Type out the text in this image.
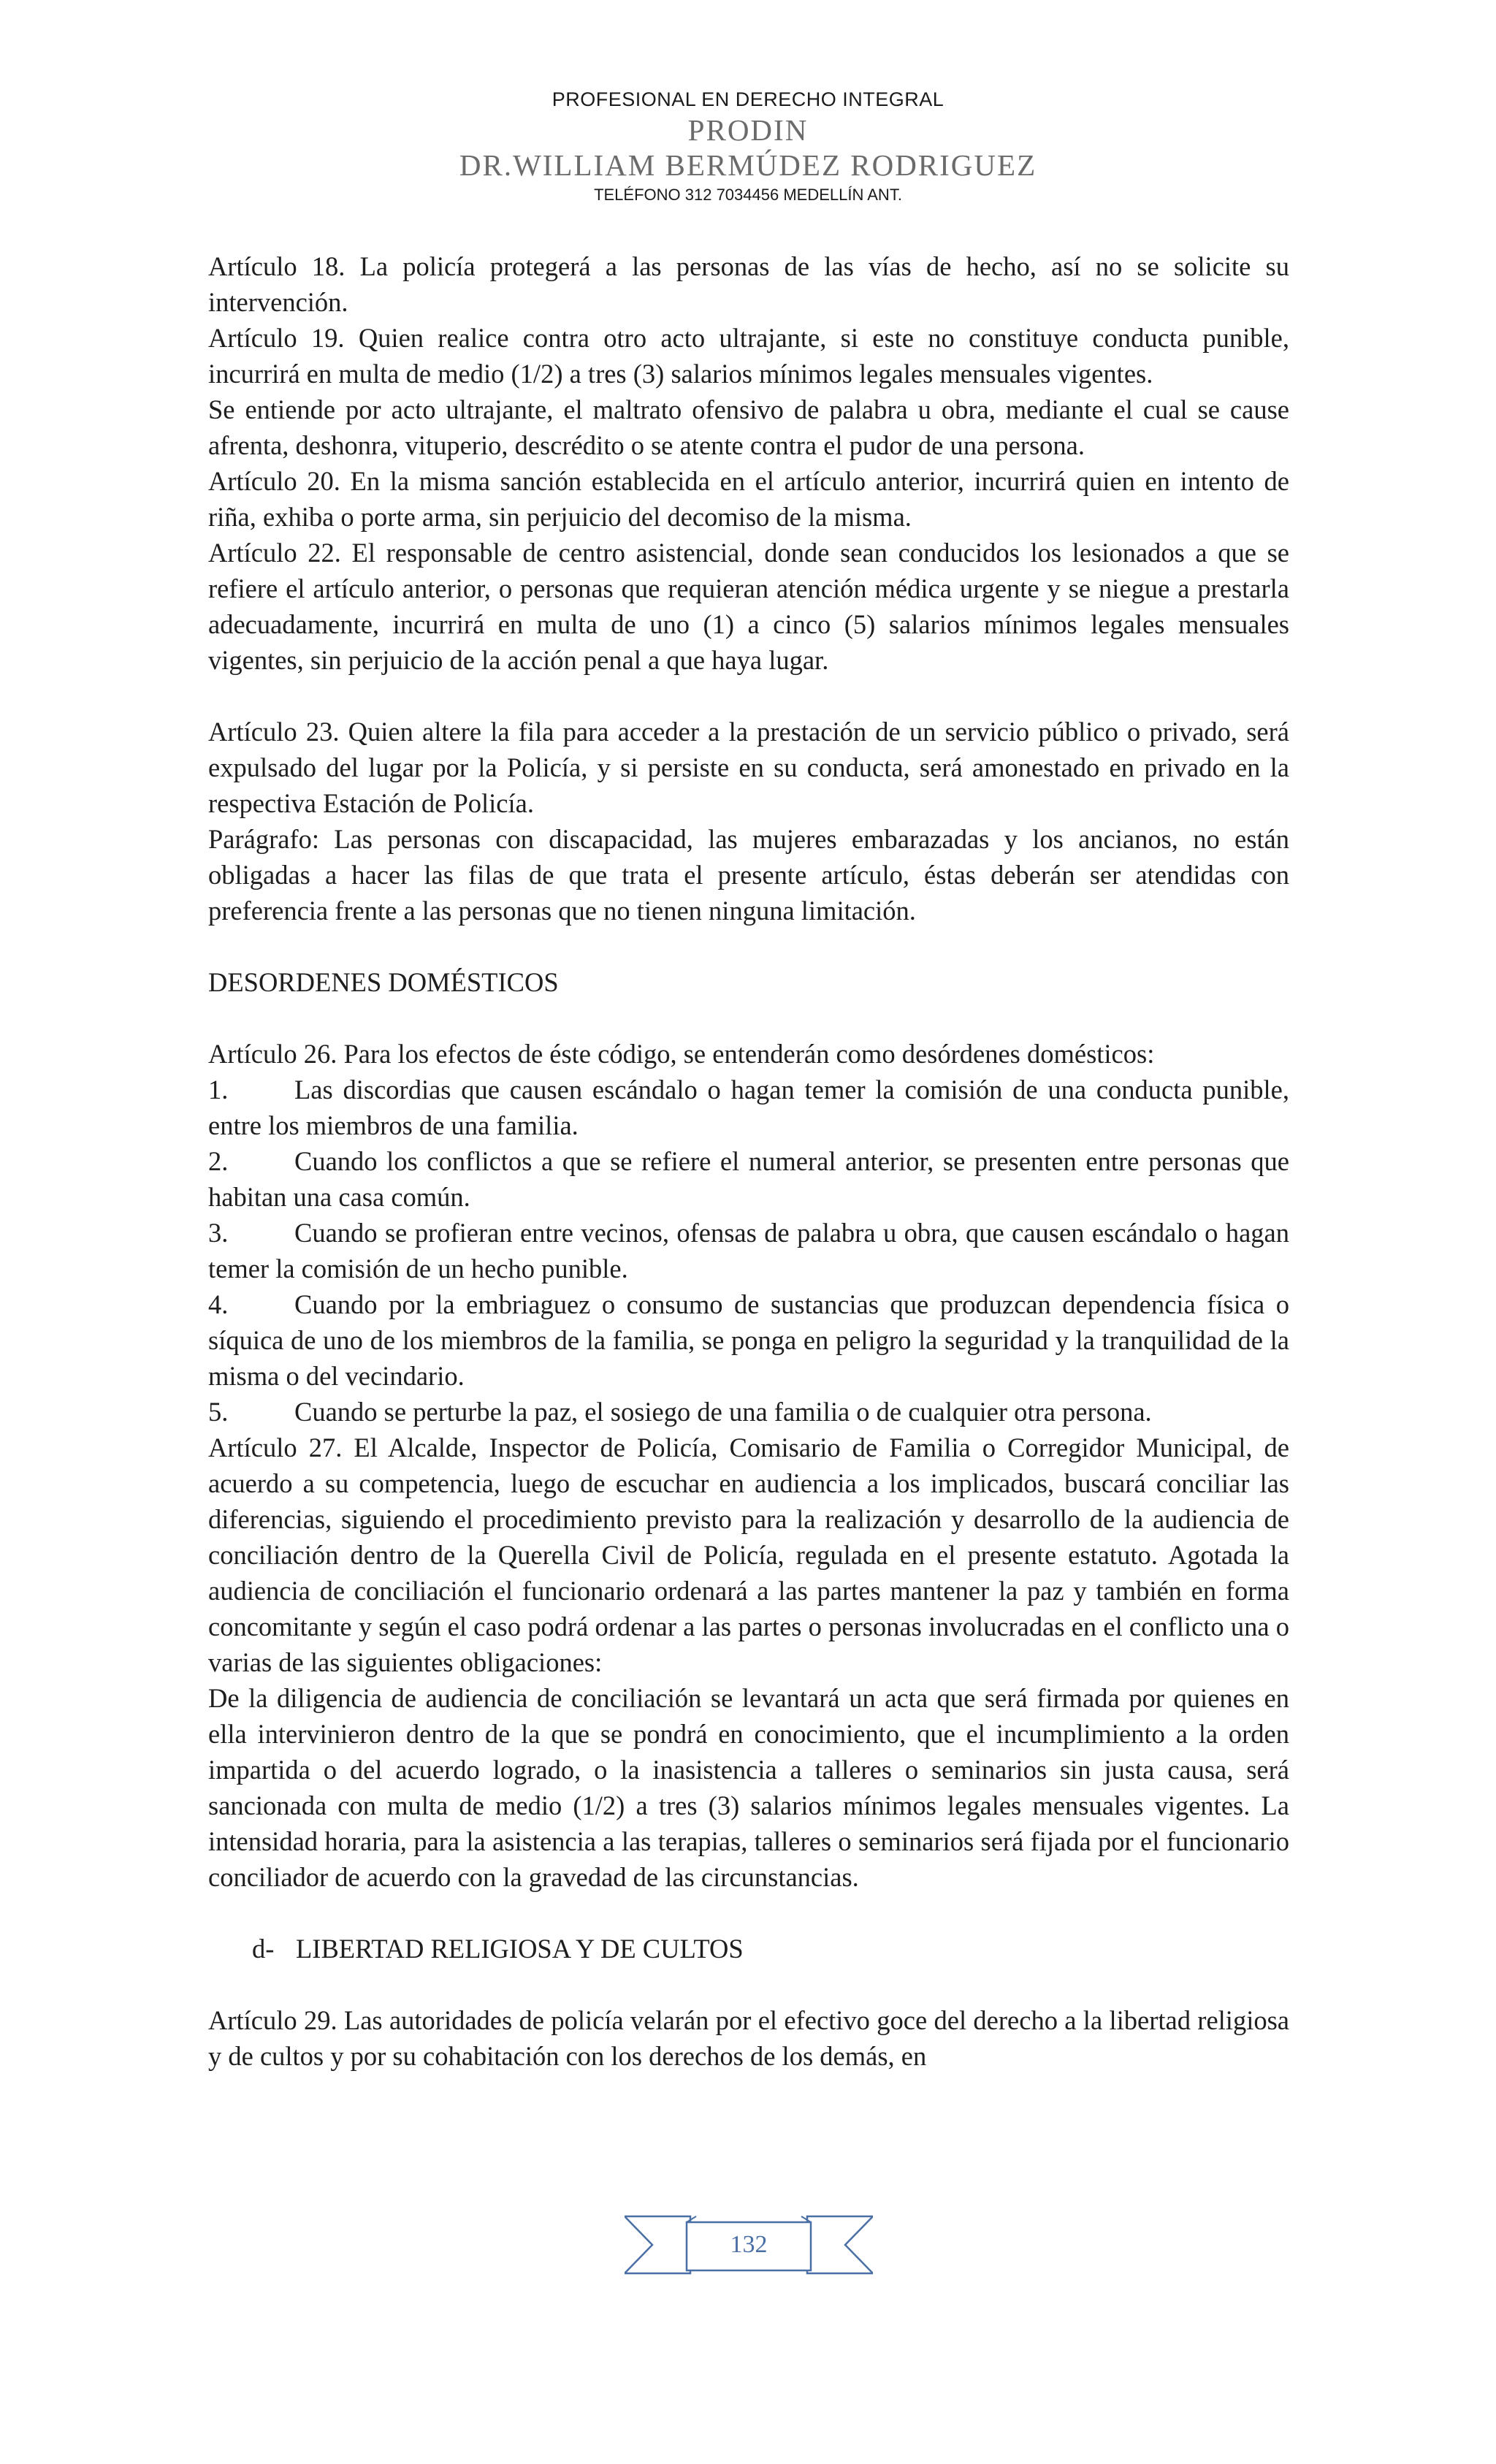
PROFESIONAL EN DERECHO INTEGRAL
PRODIN
DR.WILLIAM BERMÚDEZ RODRIGUEZ
TELÉFONO 312 7034456 MEDELLÍN ANT.

Artículo 18. La policía protegerá a las personas de las vías de hecho, así no se solicite su intervención.

Artículo 19. Quien realice contra otro acto ultrajante, si este no constituye conducta punible, incurrirá en multa de medio (1/2) a tres (3) salarios mínimos legales mensuales vigentes.

Se entiende por acto ultrajante, el maltrato ofensivo de palabra u obra, mediante el cual se cause afrenta, deshonra, vituperio, descrédito o se atente contra el pudor de una persona.

Artículo 20. En la misma sanción establecida en el artículo anterior, incurrirá quien en intento de riña, exhiba o porte arma, sin perjuicio del decomiso de la misma.

Artículo 22. El responsable de centro asistencial, donde sean conducidos los lesionados a que se refiere el artículo anterior, o personas que requieran atención médica urgente y se niegue a prestarla adecuadamente, incurrirá en multa de uno (1) a cinco (5) salarios mínimos legales mensuales vigentes, sin perjuicio de la acción penal a que haya lugar.

Artículo 23. Quien altere la fila para acceder a la prestación de un servicio público o privado, será expulsado del lugar por la Policía, y si persiste en su conducta, será amonestado en privado en la respectiva Estación de Policía.

Parágrafo: Las personas con discapacidad, las mujeres embarazadas y los ancianos, no están obligadas a hacer las filas de que trata el presente artículo, éstas deberán ser atendidas con preferencia frente a las personas que no tienen ninguna limitación.

DESORDENES DOMÉSTICOS

Artículo 26. Para los efectos de éste código, se entenderán como desórdenes domésticos:

1. Las discordias que causen escándalo o hagan temer la comisión de una conducta punible, entre los miembros de una familia.

2. Cuando los conflictos a que se refiere el numeral anterior, se presenten entre personas que habitan una casa común.

3. Cuando se profieran entre vecinos, ofensas de palabra u obra, que causen escándalo o hagan temer la comisión de un hecho punible.

4. Cuando por la embriaguez o consumo de sustancias que produzcan dependencia física o síquica de uno de los miembros de la familia, se ponga en peligro la seguridad y la tranquilidad de la misma o del vecindario.

5. Cuando se perturbe la paz, el sosiego de una familia o de cualquier otra persona.

Artículo 27. El Alcalde, Inspector de Policía, Comisario de Familia o Corregidor Municipal, de acuerdo a su competencia, luego de escuchar en audiencia a los implicados, buscará conciliar las diferencias, siguiendo el procedimiento previsto para la realización y desarrollo de la audiencia de conciliación dentro de la Querella Civil de Policía, regulada en el presente estatuto. Agotada la audiencia de conciliación el funcionario ordenará a las partes mantener la paz y también en forma concomitante y según el caso podrá ordenar a las partes o personas involucradas en el conflicto una o varias de las siguientes obligaciones:

De la diligencia de audiencia de conciliación se levantará un acta que será firmada por quienes en ella intervinieron dentro de la que se pondrá en conocimiento, que el incumplimiento a la orden impartida o del acuerdo logrado, o la inasistencia a talleres o seminarios sin justa causa, será sancionada con multa de medio (1/2) a tres (3) salarios mínimos legales mensuales vigentes. La intensidad horaria, para la asistencia a las terapias, talleres o seminarios será fijada por el funcionario conciliador de acuerdo con la gravedad de las circunstancias.

d- LIBERTAD RELIGIOSA Y DE CULTOS

Artículo 29. Las autoridades de policía velarán por el efectivo goce del derecho a la libertad religiosa y de cultos y por su cohabitación con los derechos de los demás, en

132
